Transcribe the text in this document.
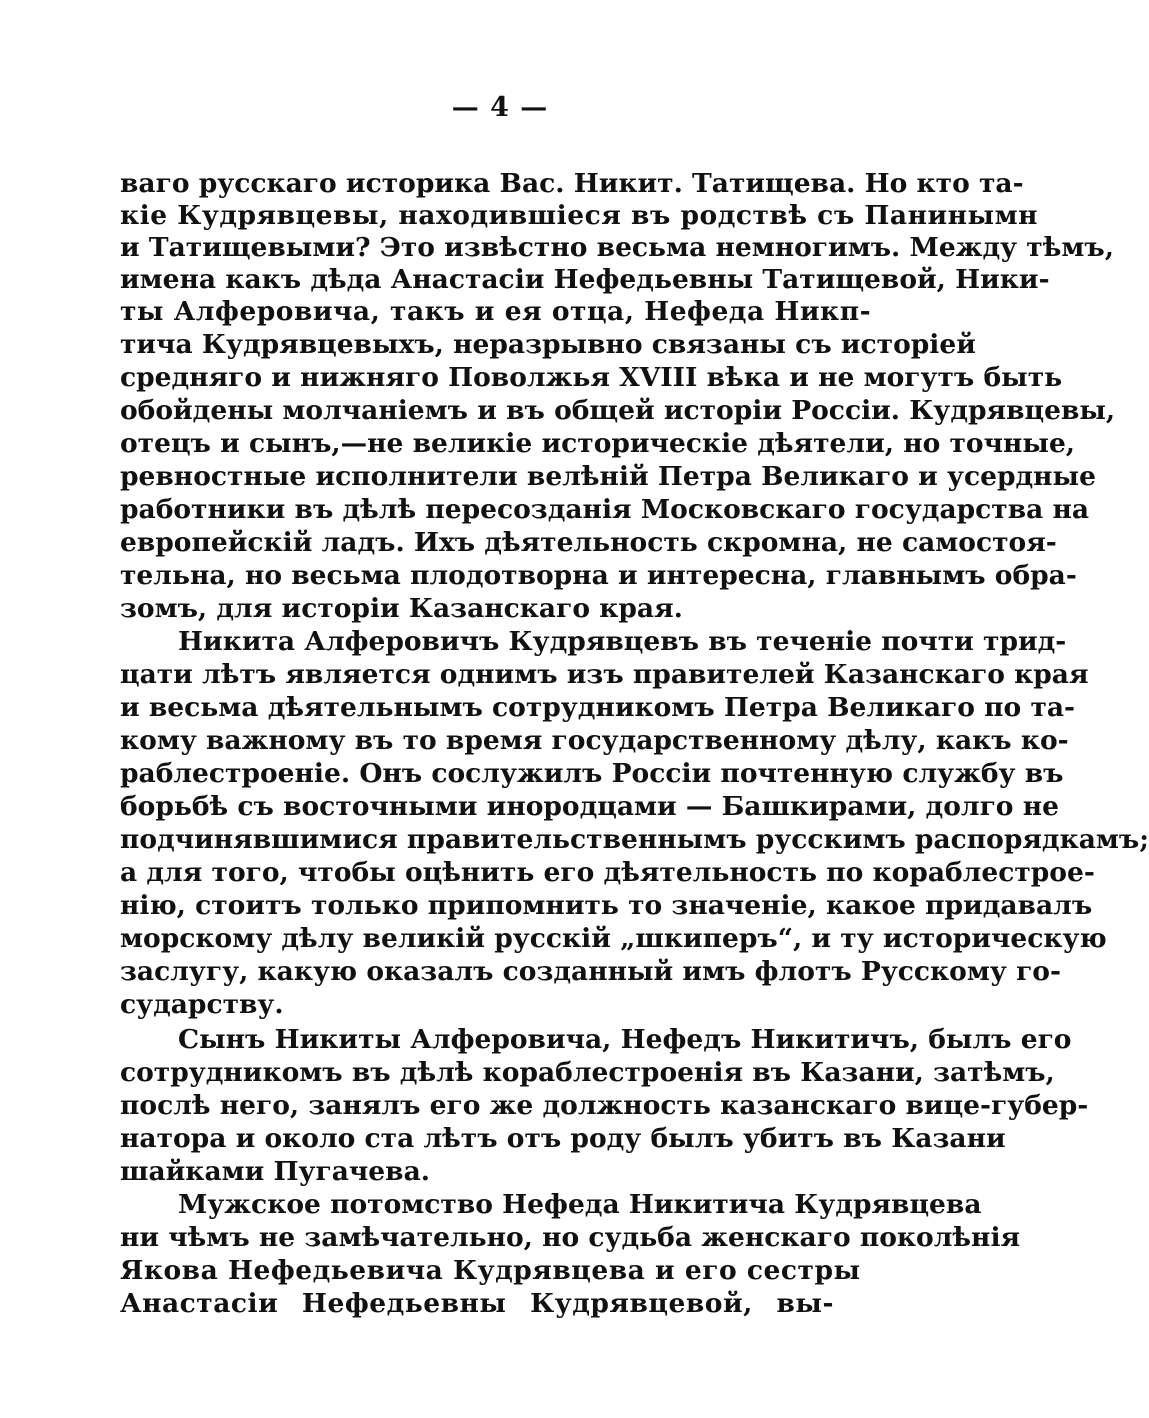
— 4 —
ваго русскаго историка Вас. Никит. Татищева. Но кто та-
кіе Кудрявцевы, находившіеся въ родствѣ съ Панинымн
и Татищевыми? Это извѣстно весьма немногимъ. Между тѣмъ,
имена какъ дѣда Анастасіи Нефедьевны Татищевой, Ники-
ты Алферовича, такъ и ея отца, Нефеда Никп-
тича Кудрявцевыхъ, неразрывно связаны съ исторіей
средняго и нижняго Поволжья XVIII вѣка и не могутъ быть
обойдены молчаніемъ и въ общей исторіи Россіи. Кудрявцевы,
отецъ и сынъ,—не великіе историческіе дѣятели, но точные,
ревностные исполнители велѣній Петра Великаго и усердные
работники въ дѣлѣ пересозданія Московскаго государства на
европейскій ладъ. Ихъ дѣятельность скромна, не самостоя-
тельна, но весьма плодотворна и интересна, главнымъ обра-
зомъ, для исторіи Казанскаго края.
Никита Алферовичъ Кудрявцевъ въ теченіе почти трид-
цати лѣтъ является однимъ изъ правителей Казанскаго края
и весьма дѣятельнымъ сотрудникомъ Петра Великаго по та-
кому важному въ то время государственному дѣлу, какъ ко-
раблестроеніе. Онъ сослужилъ Россіи почтенную службу въ
борьбѣ съ восточными инородцами — Башкирами, долго не
подчинявшимися правительственнымъ русскимъ распорядкамъ;
а для того, чтобы оцѣнить его дѣятельность по кораблестрое-
нію, стоитъ только припомнить то значеніе, какое придавалъ
морскому дѣлу великій русскій „шкиперъ“, и ту историческую
заслугу, какую оказалъ созданный имъ флотъ Русскому го-
сударству.
Сынъ Никиты Алферовича, Нефедъ Никитичъ, былъ его
сотрудникомъ въ дѣлѣ кораблестроенія въ Казани, затѣмъ,
послѣ него, занялъ его же должность казанскаго вице-губер-
натора и около ста лѣтъ отъ роду былъ убитъ въ Казани
шайками Пугачева.
Мужское потомство Нефеда Никитича Кудрявцева
ни чѣмъ не замѣчательно, но судьба женскаго поколѣнія
Якова Нефедьевича Кудрявцева и его сестры
Анастасіи Нефедьевны Кудрявцевой, вы-
